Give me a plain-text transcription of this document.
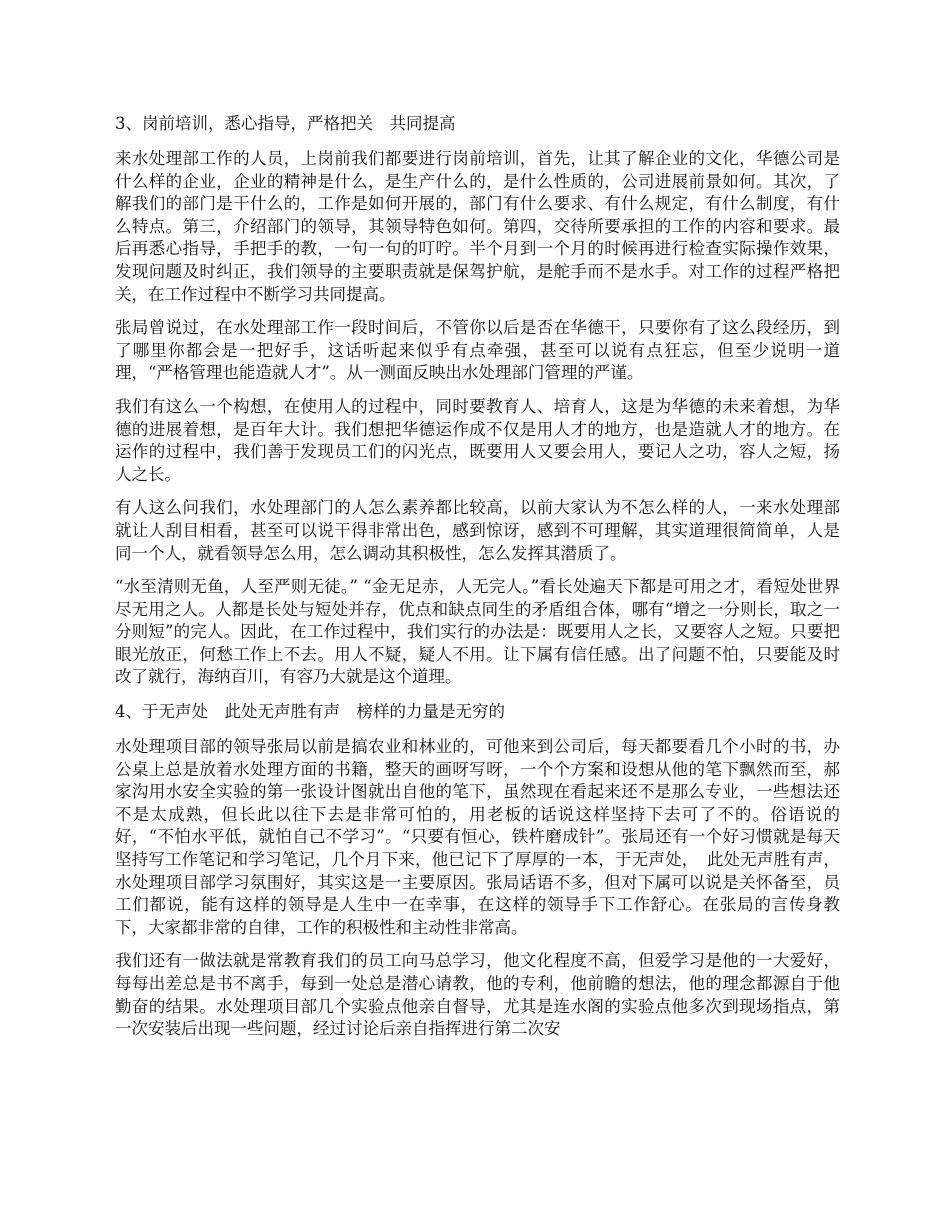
3、岗前培训，悉心指导，严格把关　共同提高

来水处理部工作的人员，上岗前我们都要进行岗前培训，首先，让其了解企业的文化，华德公司是什么样的企业，企业的精神是什么，是生产什么的，是什么性质的，公司进展前景如何。其次，了解我们的部门是干什么的，工作是如何开展的，部门有什么要求、有什么规定，有什么制度，有什么特点。第三，介绍部门的领导，其领导特色如何。第四，交待所要承担的工作的内容和要求。最后再悉心指导，手把手的教，一句一句的叮咛。半个月到一个月的时候再进行检查实际操作效果，发现问题及时纠正，我们领导的主要职责就是保驾护航，是舵手而不是水手。对工作的过程严格把关，在工作过程中不断学习共同提高。

张局曾说过，在水处理部工作一段时间后，不管你以后是否在华德干，只要你有了这么段经历，到了哪里你都会是一把好手，这话听起来似乎有点牵强，甚至可以说有点狂忘，但至少说明一道理，“严格管理也能造就人才”。从一测面反映出水处理部门管理的严谨。

我们有这么一个构想，在使用人的过程中，同时要教育人、培育人，这是为华德的未来着想，为华德的进展着想，是百年大计。我们想把华德运作成不仅是用人才的地方，也是造就人才的地方。在运作的过程中，我们善于发现员工们的闪光点，既要用人又要会用人，要记人之功，容人之短，扬人之长。

有人这么问我们，水处理部门的人怎么素养都比较高，以前大家认为不怎么样的人，一来水处理部就让人刮目相看，甚至可以说干得非常出色，感到惊讶，感到不可理解，其实道理很简简单，人是同一个人，就看领导怎么用，怎么调动其积极性，怎么发挥其潜质了。

“水至清则无鱼，人至严则无徒。” “金无足赤，人无完人。”看长处遍天下都是可用之才，看短处世界尽无用之人。人都是长处与短处并存，优点和缺点同生的矛盾组合体，哪有“增之一分则长，取之一分则短”的完人。因此，在工作过程中，我们实行的办法是：既要用人之长，又要容人之短。只要把眼光放正，何愁工作上不去。用人不疑，疑人不用。让下属有信任感。出了问题不怕，只要能及时改了就行，海纳百川，有容乃大就是这个道理。

4、于无声处　此处无声胜有声　榜样的力量是无穷的

水处理项目部的领导张局以前是搞农业和林业的，可他来到公司后，每天都要看几个小时的书，办公桌上总是放着水处理方面的书籍，整天的画呀写呀，一个个方案和设想从他的笔下飘然而至，郝家沟用水安全实验的第一张设计图就出自他的笔下，虽然现在看起来还不是那么专业，一些想法还不是太成熟，但长此以往下去是非常可怕的，用老板的话说这样坚持下去可了不的。俗语说的好，“不怕水平低，就怕自己不学习”。“只要有恒心，铁杵磨成针”。张局还有一个好习惯就是每天坚持写工作笔记和学习笔记，几个月下来，他已记下了厚厚的一本，于无声处，　此处无声胜有声，水处理项目部学习氛围好，其实这是一主要原因。张局话语不多，但对下属可以说是关怀备至，员工们都说，能有这样的领导是人生中一在幸事，在这样的领导手下工作舒心。在张局的言传身教下，大家都非常的自律，工作的积极性和主动性非常高。

我们还有一做法就是常教育我们的员工向马总学习，他文化程度不高，但爱学习是他的一大爱好，每每出差总是书不离手，每到一处总是潜心请教，他的专利，他前瞻的想法，他的理念都源自于他勤奋的结果。水处理项目部几个实验点他亲自督导，尤其是连水阁的实验点他多次到现场指点，第一次安装后出现一些问题，经过讨论后亲自指挥进行第二次安
